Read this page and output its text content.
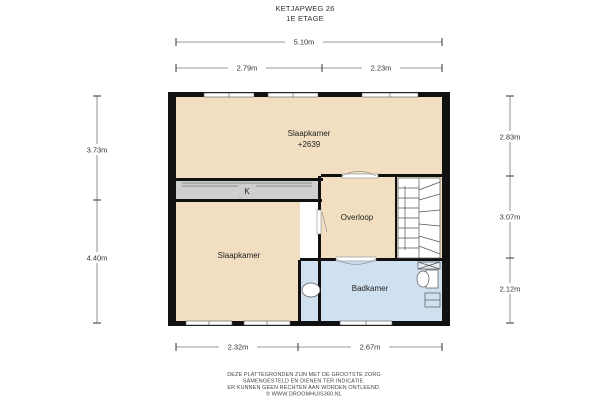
KETJAPWEG 26
1E ETAGE
5.10m
2.79m	2.23m
3.73m
4.40m
2.83m
3.07m
2.12m
2.32m	2.67m
K
Slaapkamer
+2639
Overloop
Slaapkamer
Badkamer
DEZE PLATTEGRONDEN ZIJN MET DE GROOTSTE ZORG
SAMENGESTELD EN DIENEN TER INDICATIE.
ER KUNNEN GEEN RECHTEN AAN WORDEN ONTLEEND.
© WWW.DROOMHUIS360.NL
